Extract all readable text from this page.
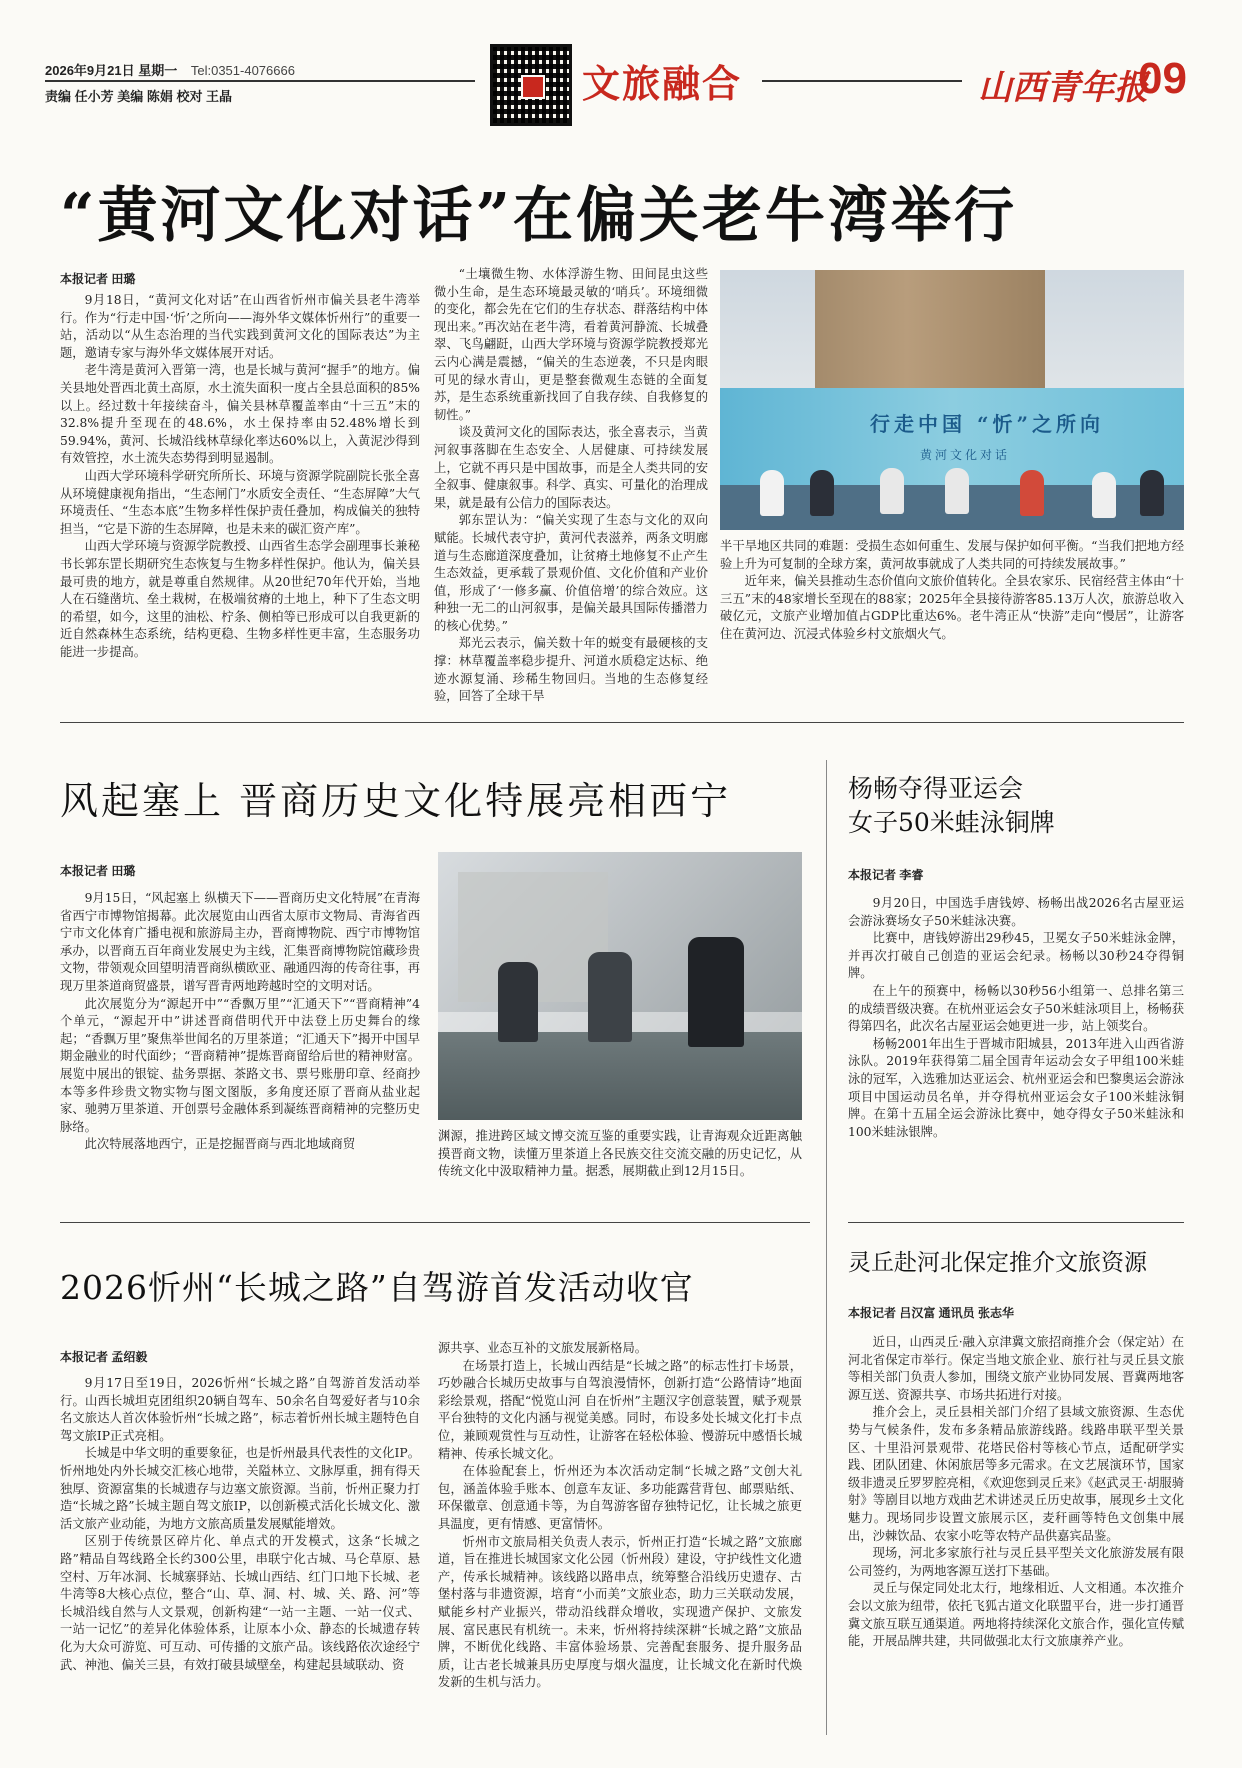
2026年9月21日 星期一 Tel:0351-4076666
责编 任小芳 美编 陈娟 校对 王晶	文旅融合	山西青年报
09
“黄河文化对话”在偏关老牛湾举行
本报记者 田璐

9月18日，“黄河文化对话”在山西省忻州市偏关县老牛湾举行。作为“行走中国·‘忻’之所向——海外华文媒体忻州行”的重要一站，活动以“从生态治理的当代实践到黄河文化的国际表达”为主题，邀请专家与海外华文媒体展开对话。

老牛湾是黄河入晋第一湾，也是长城与黄河“握手”的地方。偏关县地处晋西北黄土高原，水土流失面积一度占全县总面积的85%以上。经过数十年接续奋斗，偏关县林草覆盖率由“十三五”末的32.8%提升至现在的48.6%，水土保持率由52.48%增长到59.94%，黄河、长城沿线林草绿化率达60%以上，入黄泥沙得到有效管控，水土流失态势得到明显遏制。

山西大学环境科学研究所所长、环境与资源学院副院长张全喜从环境健康视角指出，“生态闸门”水质安全责任、“生态屏障”大气环境责任、“生态本底”生物多样性保护责任叠加，构成偏关的独特担当，“它是下游的生态屏障，也是未来的碳汇资产库”。

山西大学环境与资源学院教授、山西省生态学会副理事长兼秘书长郭东罡长期研究生态恢复与生物多样性保护。他认为，偏关县最可贵的地方，就是尊重自然规律。从20世纪70年代开始，当地人在石缝凿坑、垒土栽树，在极端贫瘠的土地上，种下了生态文明的希望，如今，这里的油松、柠条、侧柏等已形成可以自我更新的近自然森林生态系统，结构更稳、生物多样性更丰富，生态服务功能进一步提高。

“土壤微生物、水体浮游生物、田间昆虫这些微小生命，是生态环境最灵敏的‘哨兵’。环境细微的变化，都会先在它们的生存状态、群落结构中体现出来。”再次站在老牛湾，看着黄河静流、长城叠翠、飞鸟翩跹，山西大学环境与资源学院教授郑光云内心满是震撼，“偏关的生态逆袭，不只是肉眼可见的绿水青山，更是整套微观生态链的全面复苏，是生态系统重新找回了自我存续、自我修复的韧性。”

谈及黄河文化的国际表达，张全喜表示，当黄河叙事落脚在生态安全、人居健康、可持续发展上，它就不再只是中国故事，而是全人类共同的安全叙事、健康叙事。科学、真实、可量化的治理成果，就是最有公信力的国际表达。

郭东罡认为：“偏关实现了生态与文化的双向赋能。长城代表守护，黄河代表滋养，两条文明廊道与生态廊道深度叠加，让贫瘠土地修复不止产生生态效益，更承载了景观价值、文化价值和产业价值，形成了‘一修多赢、价值倍增’的综合效应。这种独一无二的山河叙事，是偏关最具国际传播潜力的核心优势。”

郑光云表示，偏关数十年的蜕变有最硬核的支撑：林草覆盖率稳步提升、河道水质稳定达标、绝迹水源复涌、珍稀生物回归。当地的生态修复经验，回答了全球干旱

行走中国 “忻”之所向
黄河文化对话

半干旱地区共同的难题：受损生态如何重生、发展与保护如何平衡。“当我们把地方经验上升为可复制的全球方案，黄河故事就成了人类共同的可持续发展故事。”

近年来，偏关县推动生态价值向文旅价值转化。全县农家乐、民宿经营主体由“十三五”末的48家增长至现在的88家；2025年全县接待游客85.13万人次，旅游总收入破亿元，文旅产业增加值占GDP比重达6%。老牛湾正从“快游”走向“慢居”，让游客住在黄河边、沉浸式体验乡村文旅烟火气。

风起塞上 晋商历史文化特展亮相西宁
本报记者 田璐

9月15日，“风起塞上 纵横天下——晋商历史文化特展”在青海省西宁市博物馆揭幕。此次展览由山西省太原市文物局、青海省西宁市文化体育广播电视和旅游局主办，晋商博物院、西宁市博物馆承办，以晋商五百年商业发展史为主线，汇集晋商博物院馆藏珍贵文物，带领观众回望明清晋商纵横欧亚、融通四海的传奇往事，再现万里茶道商贸盛景，谱写晋青两地跨越时空的文明对话。

此次展览分为“源起开中”“香飘万里”“汇通天下”“晋商精神”4个单元，“源起开中”讲述晋商借明代开中法登上历史舞台的缘起；“香飘万里”聚焦举世闻名的万里茶道；“汇通天下”揭开中国早期金融业的时代面纱；“晋商精神”提炼晋商留给后世的精神财富。展览中展出的银锭、盐务票据、茶路文书、票号账册印章、经商抄本等多件珍贵文物实物与图文图版，多角度还原了晋商从盐业起家、驰骋万里茶道、开创票号金融体系到凝练晋商精神的完整历史脉络。

此次特展落地西宁，正是挖掘晋商与西北地域商贸

渊源，推进跨区域文博交流互鉴的重要实践，让青海观众近距离触摸晋商文物，读懂万里茶道上各民族交往交流交融的历史记忆，从传统文化中汲取精神力量。据悉，展期截止到12月15日。
杨畅夺得亚运会
女子50米蛙泳铜牌
本报记者 李睿

9月20日，中国选手唐钱婷、杨畅出战2026名古屋亚运会游泳赛场女子50米蛙泳决赛。

比赛中，唐钱婷游出29秒45，卫冕女子50米蛙泳金牌，并再次打破自己创造的亚运会纪录。杨畅以30秒24夺得铜牌。

在上午的预赛中，杨畅以30秒56小组第一、总排名第三的成绩晋级决赛。在杭州亚运会女子50米蛙泳项目上，杨畅获得第四名，此次名古屋亚运会她更进一步，站上领奖台。

杨畅2001年出生于晋城市阳城县，2013年进入山西省游泳队。2019年获得第二届全国青年运动会女子甲组100米蛙泳的冠军，入选雅加达亚运会、杭州亚运会和巴黎奥运会游泳项目中国运动员名单，并夺得杭州亚运会女子100米蛙泳铜牌。在第十五届全运会游泳比赛中，她夺得女子50米蛙泳和100米蛙泳银牌。

2026忻州“长城之路”自驾游首发活动收官
本报记者 孟绍毅

9月17日至19日，2026忻州“长城之路”自驾游首发活动举行。山西长城坦克团组织20辆自驾车、50余名自驾爱好者与10余名文旅达人首次体验忻州“长城之路”，标志着忻州长城主题特色自驾文旅IP正式亮相。

长城是中华文明的重要象征，也是忻州最具代表性的文化IP。忻州地处内外长城交汇核心地带，关隘林立、文脉厚重，拥有得天独厚、资源富集的长城遗存与边塞文旅资源。当前，忻州正聚力打造“长城之路”长城主题自驾文旅IP，以创新模式活化长城文化、激活文旅产业动能，为地方文旅高质量发展赋能增效。

区别于传统景区碎片化、单点式的开发模式，这条“长城之路”精品自驾线路全长约300公里，串联宁化古城、马仑草原、悬空村、万年冰洞、长城寨驿站、长城山西结、红门口地下长城、老牛湾等8大核心点位，整合“山、草、洞、村、城、关、路、河”等长城沿线自然与人文景观，创新构建“一站一主题、一站一仪式、一站一记忆”的差异化体验体系，让原本小众、静态的长城遗存转化为大众可游览、可互动、可传播的文旅产品。该线路依次途经宁武、神池、偏关三县，有效打破县域壁垒，构建起县域联动、资

源共享、业态互补的文旅发展新格局。

在场景打造上，长城山西结是“长城之路”的标志性打卡场景，巧妙融合长城历史故事与自驾浪漫情怀，创新打造“公路情诗”地面彩绘景观，搭配“悦览山河 自在忻州”主题汉字创意装置，赋予观景平台独特的文化内涵与视觉美感。同时，布设多处长城文化打卡点位，兼顾观赏性与互动性，让游客在轻松体验、慢游玩中感悟长城精神、传承长城文化。

在体验配套上，忻州还为本次活动定制“长城之路”文创大礼包，涵盖体验手账本、创意车友证、多功能露营背包、邮票贴纸、环保徽章、创意通卡等，为自驾游客留存独特记忆，让长城之旅更具温度，更有情感、更富情怀。

忻州市文旅局相关负责人表示，忻州正打造“长城之路”文旅廊道，旨在推进长城国家文化公园（忻州段）建设，守护线性文化遗产，传承长城精神。该线路以路串点，统筹整合沿线历史遗存、古堡村落与非遗资源，培育“小而美”文旅业态，助力三关联动发展，赋能乡村产业振兴，带动沿线群众增收，实现遗产保护、文旅发展、富民惠民有机统一。未来，忻州将持续深耕“长城之路”文旅品牌，不断优化线路、丰富体验场景、完善配套服务、提升服务品质，让古老长城兼具历史厚度与烟火温度，让长城文化在新时代焕发新的生机与活力。

灵丘赴河北保定推介文旅资源
本报记者 吕汉富 通讯员 张志华

近日，山西灵丘·融入京津冀文旅招商推介会（保定站）在河北省保定市举行。保定当地文旅企业、旅行社与灵丘县文旅等相关部门负责人参加，围绕文旅产业协同发展、晋冀两地客源互送、资源共享、市场共拓进行对接。

推介会上，灵丘县相关部门介绍了县域文旅资源、生态优势与气候条件，发布多条精品旅游线路。线路串联平型关景区、十里沿河景观带、花塔民俗村等核心节点，适配研学实践、团队团建、休闲旅居等多元需求。在文艺展演环节，国家级非遗灵丘罗罗腔亮相，《欢迎您到灵丘来》《赵武灵王·胡服骑射》等剧目以地方戏曲艺术讲述灵丘历史故事，展现乡土文化魅力。现场同步设置文旅展示区，麦秆画等特色文创集中展出，沙棘饮品、农家小吃等农特产品供嘉宾品鉴。

现场，河北多家旅行社与灵丘县平型关文化旅游发展有限公司签约，为两地客源互送打下基础。

灵丘与保定同处北太行，地缘相近、人文相通。本次推介会以文旅为纽带，依托飞狐古道文化联盟平台，进一步打通晋冀文旅互联互通渠道。两地将持续深化文旅合作，强化宣传赋能，开展品牌共建，共同做强北太行文旅康养产业。
